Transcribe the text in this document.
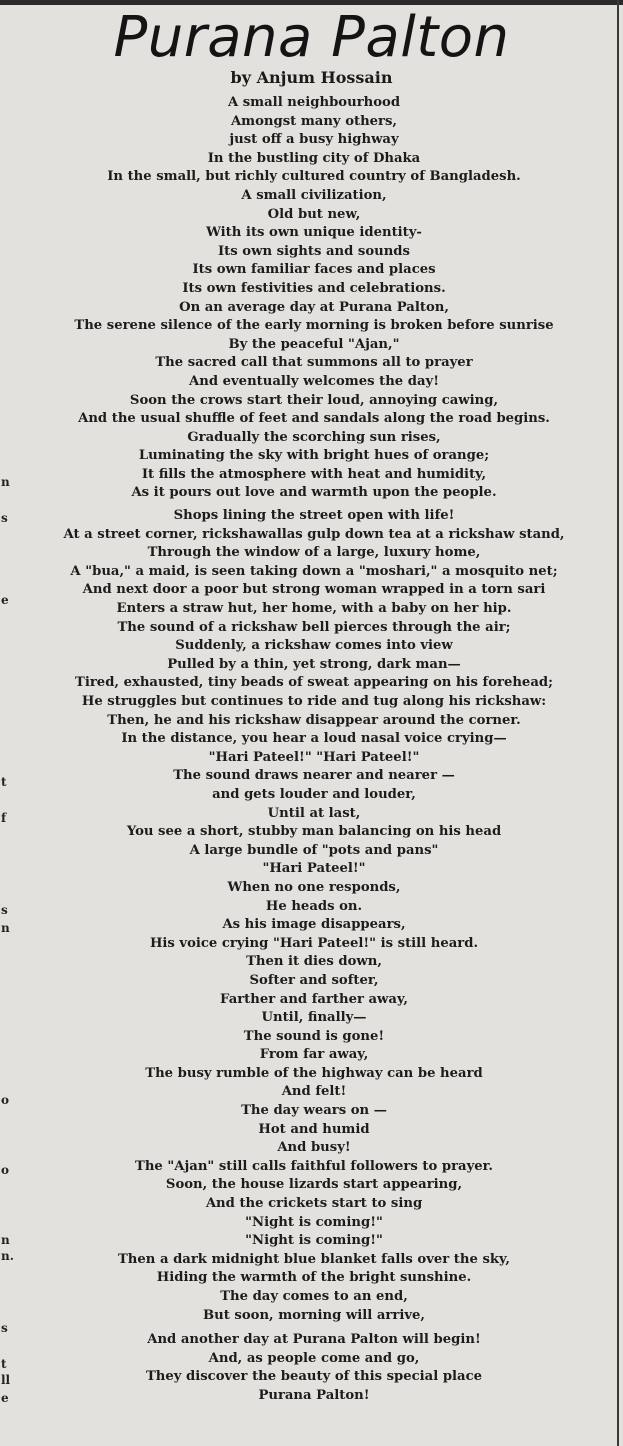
n
s
e
t
f
s
n
o
o
n
n.
s
t
ll
e
Purana Palton
by Anjum Hossain
A small neighbourhood
Amongst many others,
just off a busy highway
In the bustling city of Dhaka
In the small, but richly cultured country of Bangladesh.
A small civilization,
Old but new,
With its own unique identity-
Its own sights and sounds
Its own familiar faces and places
Its own festivities and celebrations.
On an average day at Purana Palton,
The serene silence of the early morning is broken before sunrise
By the peaceful "Ajan,"
The sacred call that summons all to prayer
And eventually welcomes the day!
Soon the crows start their loud, annoying cawing,
And the usual shuffle of feet and sandals along the road begins.
Gradually the scorching sun rises,
Luminating the sky with bright hues of orange;
It fills the atmosphere with heat and humidity,
As it pours out love and warmth upon the people.
Shops lining the street open with life!
At a street corner, rickshawallas gulp down tea at a rickshaw stand,
Through the window of a large, luxury home,
A "bua," a maid, is seen taking down a "moshari," a mosquito net;
And next door a poor but strong woman wrapped in a torn sari
Enters a straw hut, her home, with a baby on her hip.
The sound of a rickshaw bell pierces through the air;
Suddenly, a rickshaw comes into view
Pulled by a thin, yet strong, dark man—
Tired, exhausted, tiny beads of sweat appearing on his forehead;
He struggles but continues to ride and tug along his rickshaw:
Then, he and his rickshaw disappear around the corner.
In the distance, you hear a loud nasal voice crying—
"Hari Pateel!" "Hari Pateel!"
The sound draws nearer and nearer —
and gets louder and louder,
Until at last,
You see a short, stubby man balancing on his head
A large bundle of "pots and pans"
"Hari Pateel!"
When no one responds,
He heads on.
As his image disappears,
His voice crying "Hari Pateel!" is still heard.
Then it dies down,
Softer and softer,
Farther and farther away,
Until, finally—
The sound is gone!
From far away,
The busy rumble of the highway can be heard
And felt!
The day wears on —
Hot and humid
And busy!
The "Ajan" still calls faithful followers to prayer.
Soon, the house lizards start appearing,
And the crickets start to sing
"Night is coming!"
"Night is coming!"
Then a dark midnight blue blanket falls over the sky,
Hiding the warmth of the bright sunshine.
The day comes to an end,
But soon, morning will arrive,
And another day at Purana Palton will begin!
And, as people come and go,
They discover the beauty of this special place
Purana Palton!
